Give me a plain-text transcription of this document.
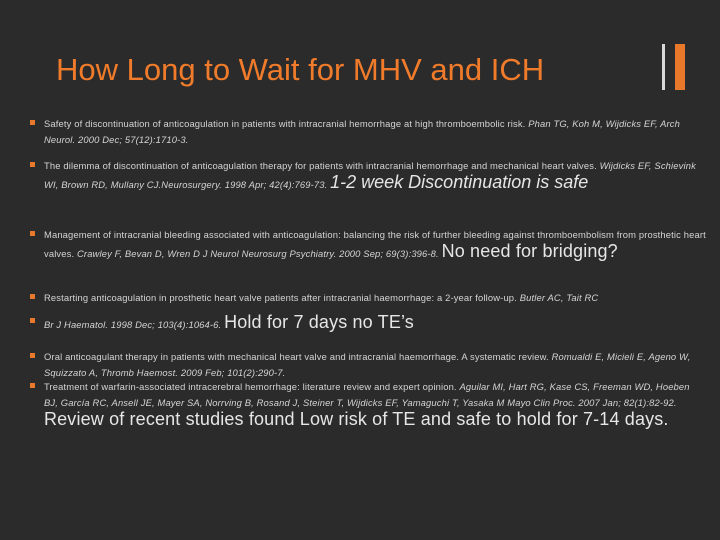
How Long to Wait for MHV and ICH
Safety of discontinuation of anticoagulation in patients with intracranial hemorrhage at high thromboembolic risk. Phan TG, Koh M, Wijdicks EF, Arch Neurol. 2000 Dec; 57(12):1710-3.
The dilemma of discontinuation of anticoagulation therapy for patients with intracranial hemorrhage and mechanical heart valves. Wijdicks EF, Schievink WI, Brown RD, Mullany CJ.Neurosurgery. 1998 Apr; 42(4):769-73. 1-2 week Discontinuation is safe
Management of intracranial bleeding associated with anticoagulation: balancing the risk of further bleeding against thromboembolism from prosthetic heart valves. Crawley F, Bevan D, Wren D J Neurol Neurosurg Psychiatry. 2000 Sep; 69(3):396-8. No need for bridging?
Restarting anticoagulation in prosthetic heart valve patients after intracranial haemorrhage: a 2-year follow-up. Butler AC, Tait RC
Br J Haematol. 1998 Dec; 103(4):1064-6. Hold for 7 days no TE’s
Oral anticoagulant therapy in patients with mechanical heart valve and intracranial haemorrhage. A systematic review. Romualdi E, Micieli E, Ageno W, Squizzato A, Thromb Haemost. 2009 Feb; 101(2):290-7.
Treatment of warfarin-associated intracerebral hemorrhage: literature review and expert opinion. Aguilar MI, Hart RG, Kase CS, Freeman WD, Hoeben BJ, García RC, Ansell JE, Mayer SA, Norrving B, Rosand J, Steiner T, Wijdicks EF, Yamaguchi T, Yasaka M Mayo Clin Proc. 2007 Jan; 82(1):82-92. Review of recent studies found Low risk of TE and safe to hold for 7-14 days.
